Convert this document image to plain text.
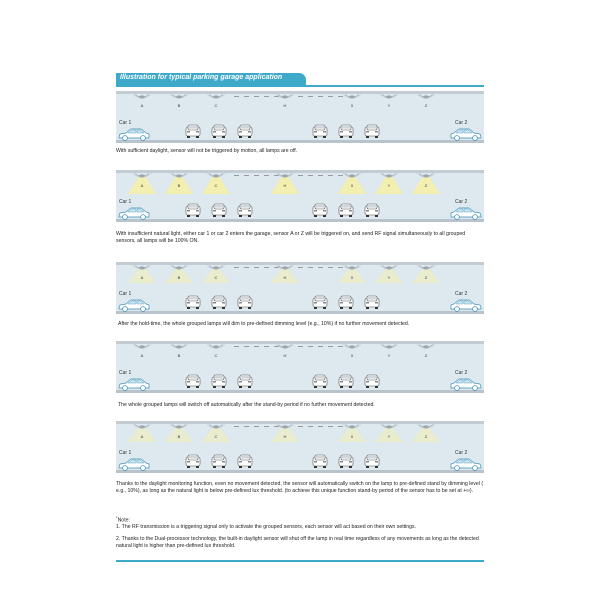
Illustration for typical parking garage application
A	B	C	H	X	Y	Z
Car 1	Car 2
With sufficient daylight, sensor will not be triggered by motion, all lamps are off.
A	B	C	H	X	Y	Z
Car 1	Car 2
With insufficient natural light, either car 1 or car 2 enters the garage, sensor A or Z will be triggered on, and send RF signal simultaneously to all grouped sensors, all lamps will be 100% ON.
A	B	C	H	X	Y	Z
Car 1	Car 2
After the hold-time, the whole grouped lamps will dim to pre-defined dimming level (e.g., 10%) if no further movement detected.
A	B	C	H	X	Y	Z
Car 1	Car 2
The whole grouped lamps will switch off automatically after the stand-by period if no further movement detected.
A	B	C	H	X	Y	Z
Car 1	Car 2
Thanks to the daylight monitoring function, even no movement detected, the sensor will automatically switch on the lamp to pre-defined stand by dimming level ( e.g., 10%), as long as the natural light is below pre-defined lux threshold. (to achieve this unique function stand-by period of the sensor has to be set at +∞).
*Note:
1. The RF transmission is a triggering signal only to activate the grouped sensors, each sensor will act based on their own settings.
2. Thanks to the Dual-processor technology, the built-in daylight sensor will shut off the lamp in real time regardless of any movements as long as the detected natural light is higher than pre-defined lux threshold.
